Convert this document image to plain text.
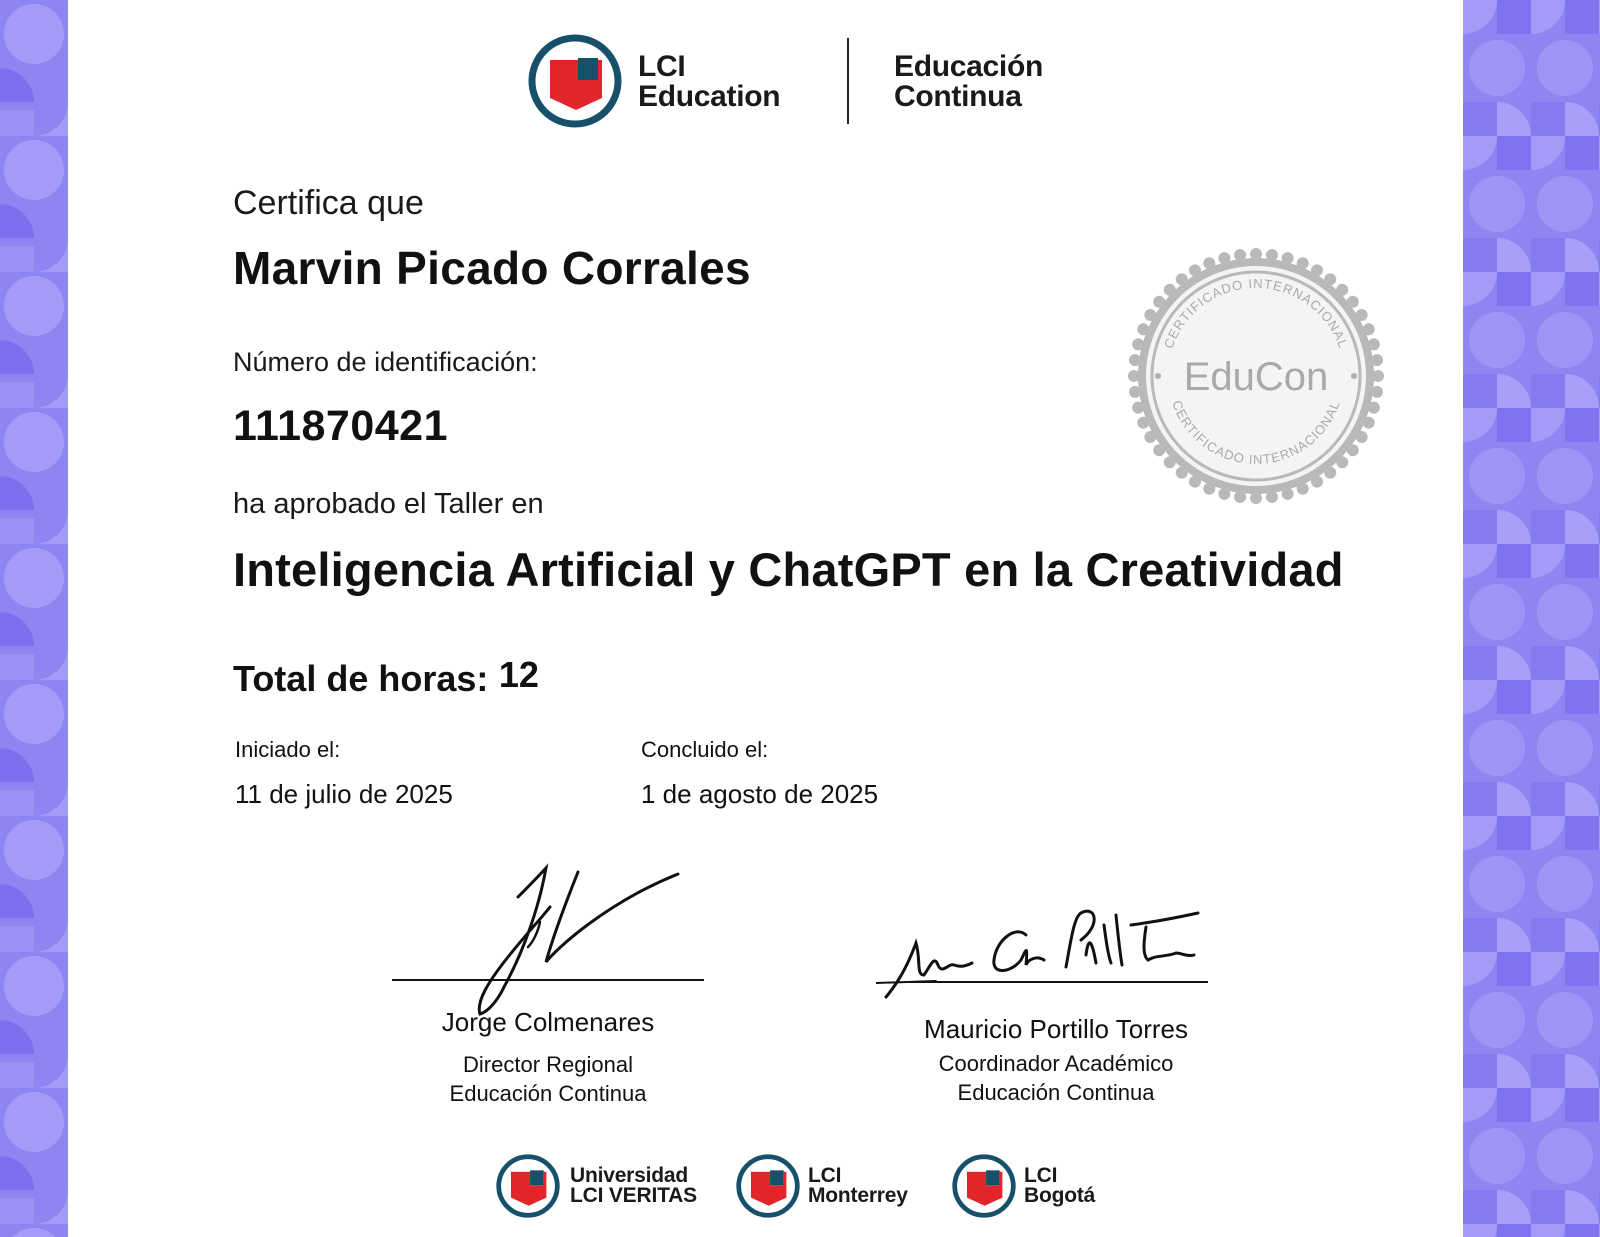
LCI
Education
Educación
Continua
CERTIFICADO INTERNACIONAL
CERTIFICADO INTERNACIONAL
EduCon
Certifica que
Marvin Picado Corrales
Número de identificación:
111870421
ha aprobado el Taller en
Inteligencia Artificial y ChatGPT en la Creatividad
Total de horas: 12
Iniciado el:
11 de julio de 2025
Concluido el:
1 de agosto de 2025
Jorge Colmenares
Director Regional
Educación Continua
Mauricio Portillo Torres
Coordinador Académico
Educación Continua
Universidad
LCI VERITAS
LCI
Monterrey
LCI
Bogotá
